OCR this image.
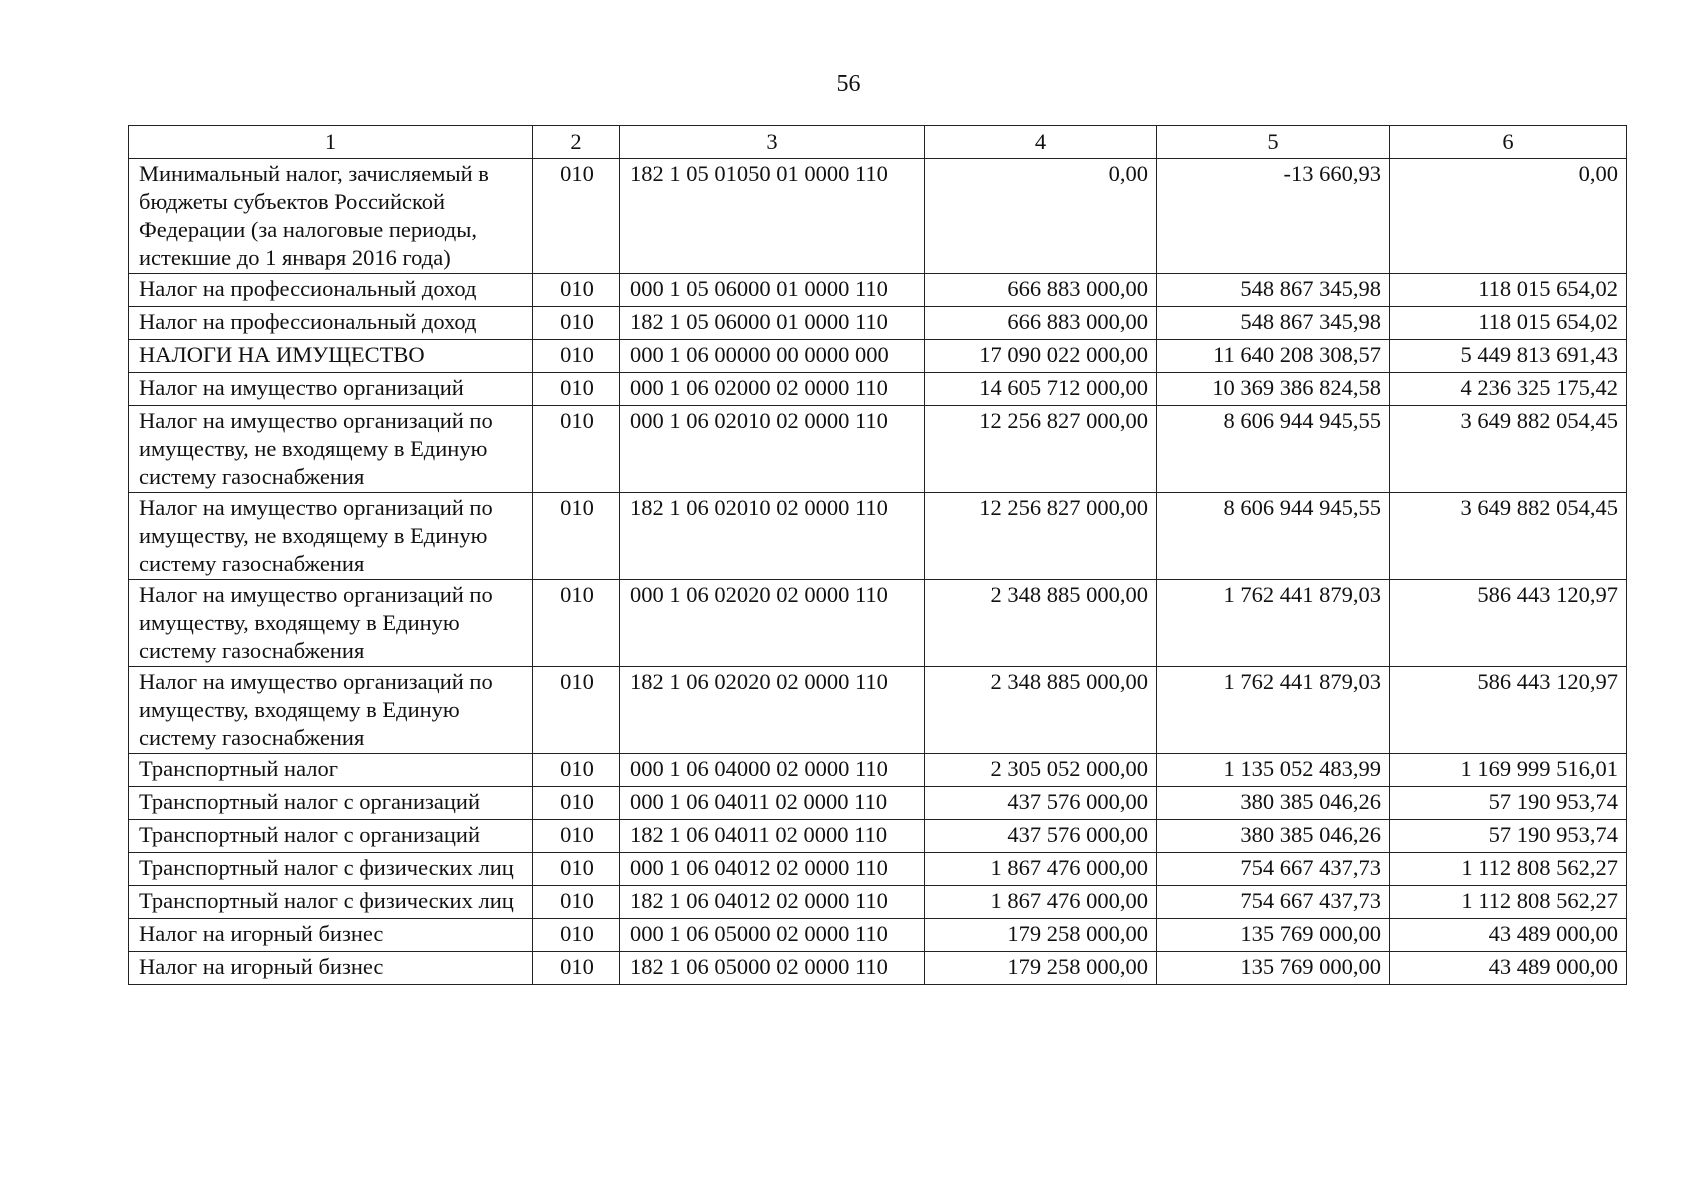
56
1	2	3	4	5	6
Минимальный налог, зачисляемый в бюджеты субъектов Российской Федерации (за налоговые периоды, истекшие до 1 января 2016 года)	010	182 1 05 01050 01 0000 110	0,00	-13 660,93	0,00
Налог на профессиональный доход	010	000 1 05 06000 01 0000 110	666 883 000,00	548 867 345,98	118 015 654,02
Налог на профессиональный доход	010	182 1 05 06000 01 0000 110	666 883 000,00	548 867 345,98	118 015 654,02
НАЛОГИ НА ИМУЩЕСТВО	010	000 1 06 00000 00 0000 000	17 090 022 000,00	11 640 208 308,57	5 449 813 691,43
Налог на имущество организаций	010	000 1 06 02000 02 0000 110	14 605 712 000,00	10 369 386 824,58	4 236 325 175,42
Налог на имущество организаций по имуществу, не входящему в Единую систему газоснабжения	010	000 1 06 02010 02 0000 110	12 256 827 000,00	8 606 944 945,55	3 649 882 054,45
Налог на имущество организаций по имуществу, не входящему в Единую систему газоснабжения	010	182 1 06 02010 02 0000 110	12 256 827 000,00	8 606 944 945,55	3 649 882 054,45
Налог на имущество организаций по имуществу, входящему в Единую систему газоснабжения	010	000 1 06 02020 02 0000 110	2 348 885 000,00	1 762 441 879,03	586 443 120,97
Налог на имущество организаций по имуществу, входящему в Единую систему газоснабжения	010	182 1 06 02020 02 0000 110	2 348 885 000,00	1 762 441 879,03	586 443 120,97
Транспортный налог	010	000 1 06 04000 02 0000 110	2 305 052 000,00	1 135 052 483,99	1 169 999 516,01
Транспортный налог с организаций	010	000 1 06 04011 02 0000 110	437 576 000,00	380 385 046,26	57 190 953,74
Транспортный налог с организаций	010	182 1 06 04011 02 0000 110	437 576 000,00	380 385 046,26	57 190 953,74
Транспортный налог с физических лиц	010	000 1 06 04012 02 0000 110	1 867 476 000,00	754 667 437,73	1 112 808 562,27
Транспортный налог с физических лиц	010	182 1 06 04012 02 0000 110	1 867 476 000,00	754 667 437,73	1 112 808 562,27
Налог на игорный бизнес	010	000 1 06 05000 02 0000 110	179 258 000,00	135 769 000,00	43 489 000,00
Налог на игорный бизнес	010	182 1 06 05000 02 0000 110	179 258 000,00	135 769 000,00	43 489 000,00
